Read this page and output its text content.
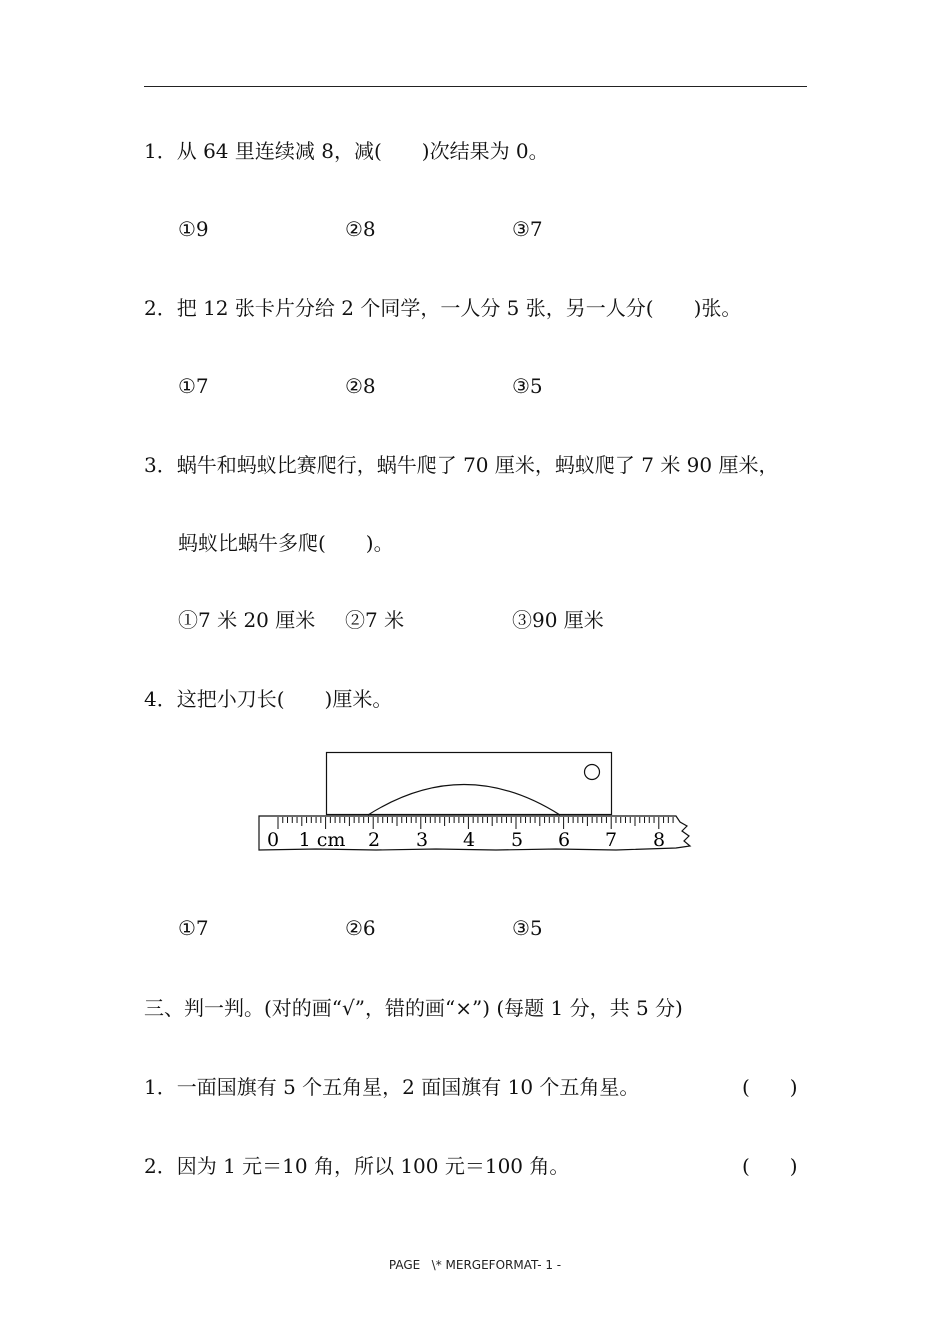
1．从 64 里连续减 8，减(　　)次结果为 0。
①9	②8	③7
2．把 12 张卡片分给 2 个同学，一人分 5 张，另一人分(　　)张。
①7	②8	③5
3．蜗牛和蚂蚁比赛爬行，蜗牛爬了 70 厘米，蚂蚁爬了 7 米 90 厘米，
蚂蚁比蜗牛多爬(　　)。
①7 米 20 厘米 ②7 米	③90 厘米
4．这把小刀长(　　)厘米。
0 1 cm 2 3 4 5 6 7 8
①7	②6	③5
三、判一判。(对的画“√”，错的画“×”) (每题 1 分，共 5 分)
1．一面国旗有 5 个五角星，2 面国旗有 10 个五角星。	(　　)
2．因为 1 元＝10 角，所以 100 元＝100 角。	(　　)
PAGE   \* MERGEFORMAT- 1 -
